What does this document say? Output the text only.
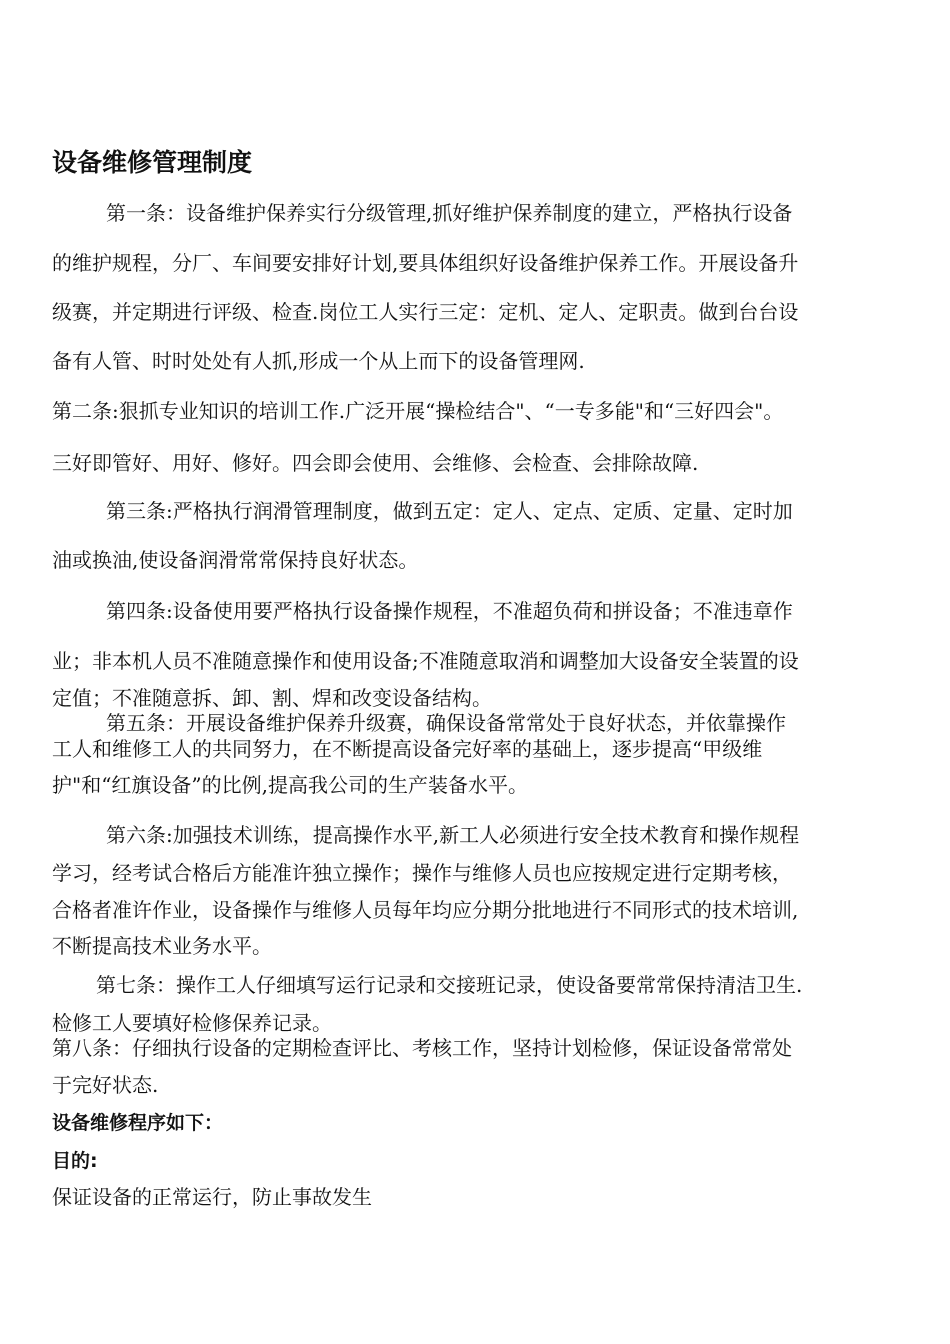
设备维修管理制度
第一条：设备维护保养实行分级管理,抓好维护保养制度的建立，严格执行设备
的维护规程，分厂、车间要安排好计划,要具体组织好设备维护保养工作。开展设备升
级赛，并定期进行评级、检查.岗位工人实行三定：定机、定人、定职责。做到台台设
备有人管、时时处处有人抓,形成一个从上而下的设备管理网.
第二条:狠抓专业知识的培训工作.广泛开展“操检结合"、“一专多能"和“三好四会"。
三好即管好、用好、修好。四会即会使用、会维修、会检查、会排除故障.
第三条:严格执行润滑管理制度，做到五定：定人、定点、定质、定量、定时加
油或换油,使设备润滑常常保持良好状态。
第四条:设备使用要严格执行设备操作规程，不准超负荷和拼设备；不准违章作
业；非本机人员不准随意操作和使用设备;不准随意取消和调整加大设备安全装置的设
定值；不准随意拆、卸、割、焊和改变设备结构。
第五条：开展设备维护保养升级赛，确保设备常常处于良好状态，并依靠操作
工人和维修工人的共同努力，在不断提高设备完好率的基础上，逐步提高“甲级维
护"和“红旗设备”的比例,提高我公司的生产装备水平。
第六条:加强技术训练，提高操作水平,新工人必须进行安全技术教育和操作规程
学习，经考试合格后方能准许独立操作；操作与维修人员也应按规定进行定期考核，
合格者准许作业，设备操作与维修人员每年均应分期分批地进行不同形式的技术培训,
不断提高技术业务水平。
第七条：操作工人仔细填写运行记录和交接班记录，使设备要常常保持清洁卫生.
检修工人要填好检修保养记录。
第八条：仔细执行设备的定期检查评比、考核工作，坚持计划检修，保证设备常常处
于完好状态.
设备维修程序如下：
目的:
保证设备的正常运行，防止事故发生
